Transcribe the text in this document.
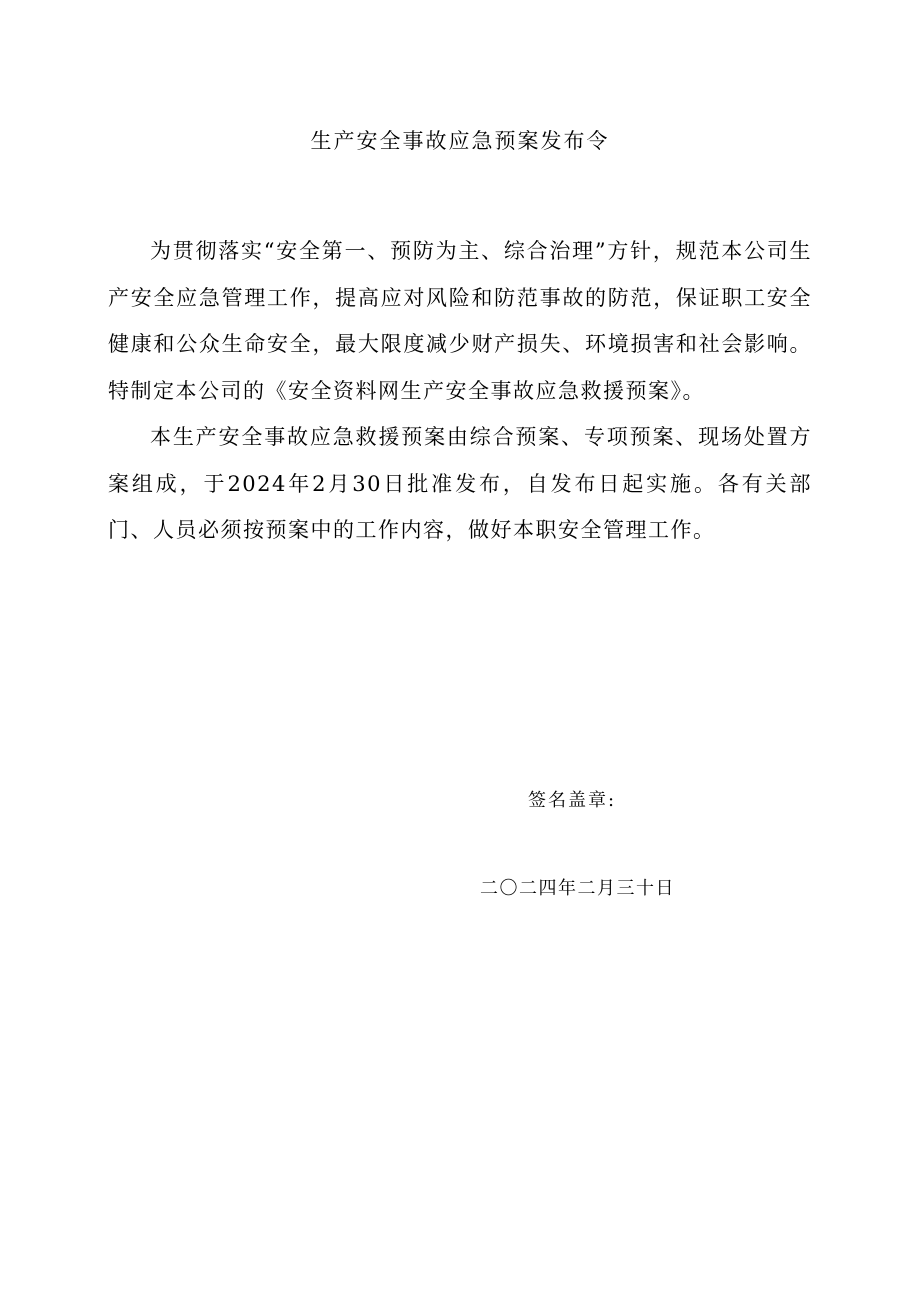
生产安全事故应急预案发布令

为贯彻落实“安全第一、预防为主、综合治理”方针，规范本公司生产安全应急管理工作，提高应对风险和防范事故的防范，保证职工安全健康和公众生命安全，最大限度减少财产损失、环境损害和社会影响。特制定本公司的《安全资料网生产安全事故应急救援预案》。

本生产安全事故应急救援预案由综合预案、专项预案、现场处置方案组成，于2024年2月30日批准发布，自发布日起实施。各有关部门、人员必须按预案中的工作内容，做好本职安全管理工作。

签名盖章:
二〇二四年二月三十日
